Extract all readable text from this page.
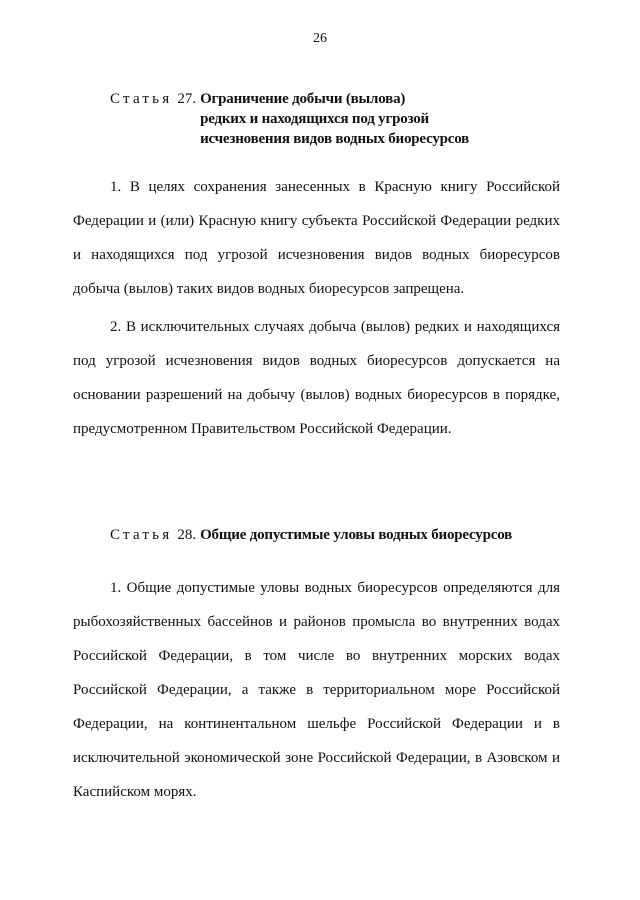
26
Статья 27. Ограничение добычи (вылова)
редких и находящихся под угрозой
исчезновения видов водных биоресурсов

1. В целях сохранения занесенных в Красную книгу Российской Федерации и (или) Красную книгу субъекта Российской Федерации редких и находящихся под угрозой исчезновения видов водных биоресурсов добыча (вылов) таких видов водных биоресурсов запрещена.

2. В исключительных случаях добыча (вылов) редких и находящихся под угрозой исчезновения видов водных биоресурсов допускается на основании разрешений на добычу (вылов) водных биоресурсов в порядке, предусмотренном Правительством Российской Федерации.

Статья 28. Общие допустимые уловы водных биоресурсов

1. Общие допустимые уловы водных биоресурсов определяются для рыбохозяйственных бассейнов и районов промысла во внутренних водах Российской Федерации, в том числе во внутренних морских водах Российской Федерации, а также в территориальном море Российской Федерации, на континентальном шельфе Российской Федерации и в исключительной экономической зоне Российской Федерации, в Азовском и Каспийском морях.
